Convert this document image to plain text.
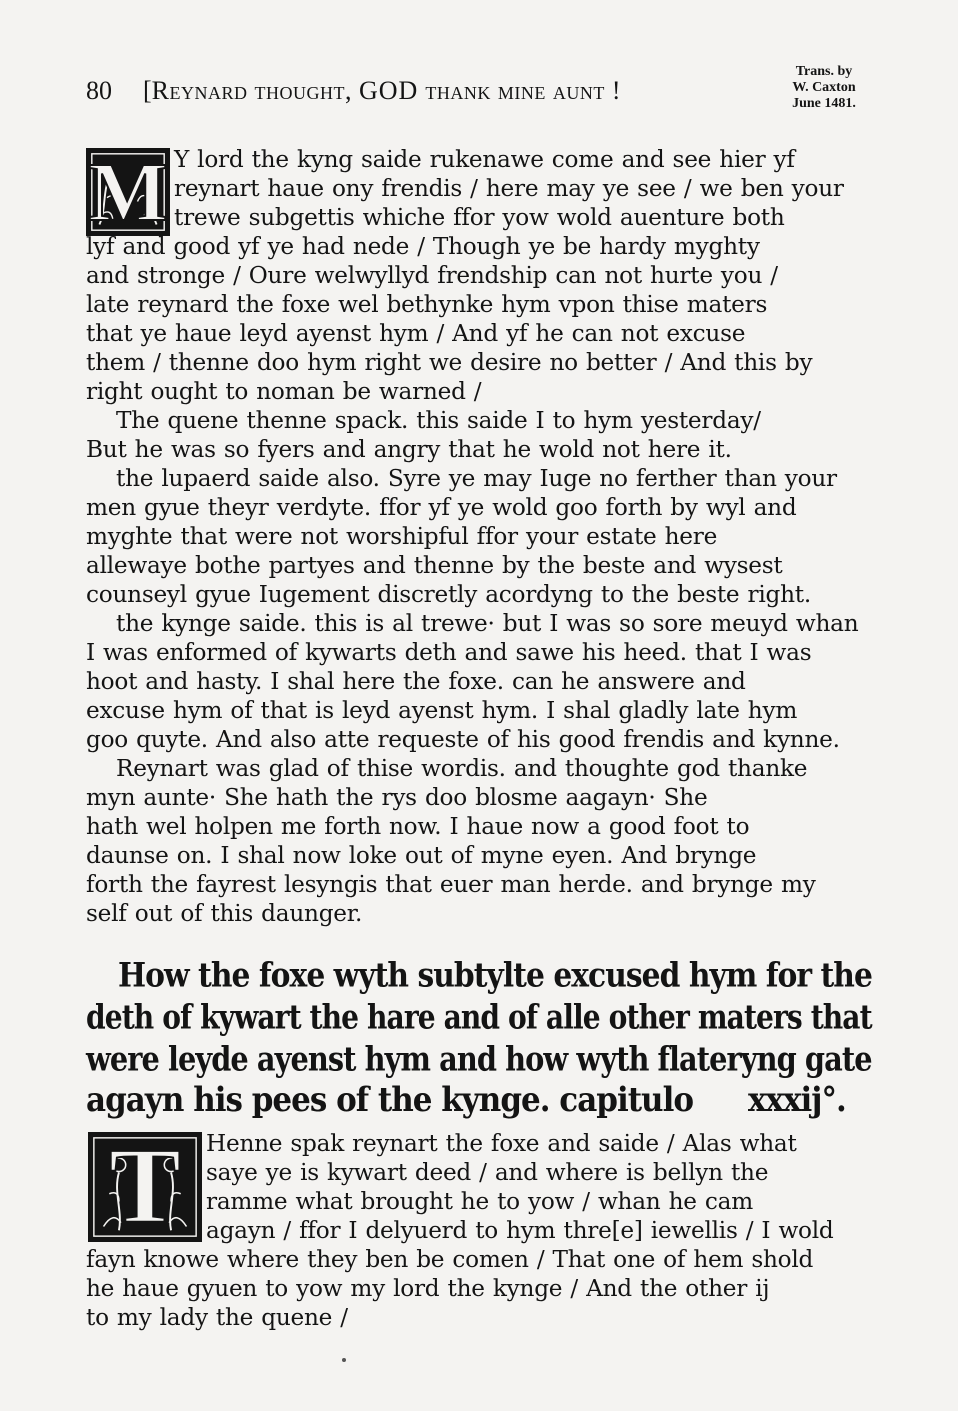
80 [Reynard thought, GOD thank mine aunt !
Trans. by
W. Caxton
June 1481.
M Y lord the kyng saide rukenawe come and see hier yf
reynart haue ony frendis / here may ye see / we ben your
trewe subgettis whiche ffor yow wold auenture both
lyf and good yf ye had nede / Though ye be hardy myghty
and stronge / Oure welwyllyd frendship can not hurte you /
late reynard the foxe wel bethynke hym vpon thise maters
that ye haue leyd ayenst hym / And yf he can not excuse
them / thenne doo hym right we desire no better / And this by
right ought to noman be warned /
The quene thenne spack. this saide I to hym yesterday/
But he was so fyers and angry that he wold not here it.
the lupaerd saide also. Syre ye may Iuge no ferther than your
men gyue theyr verdyte. ffor yf ye wold goo forth by wyl and
myghte that were not worshipful ffor your estate here
allewaye bothe partyes and thenne by the beste and wysest
counseyl gyue Iugement discretly acordyng to the beste right.
the kynge saide. this is al trewe· but I was so sore meuyd whan
I was enformed of kywarts deth and sawe his heed. that I was
hoot and hasty. I shal here the foxe. can he answere and
excuse hym of that is leyd ayenst hym. I shal gladly late hym
goo quyte. And also atte requeste of his good frendis and kynne.
Reynart was glad of thise wordis. and thoughte god thanke
myn aunte· She hath the rys doo blosme aagayn· She
hath wel holpen me forth now. I haue now a good foot to
daunse on. I shal now loke out of myne eyen. And brynge
forth the fayrest lesyngis that euer man herde. and brynge my
self out of this daunger.
How the foxe wyth subtylte excused hym for the
deth of kywart the hare and of alle other maters that
were leyde ayenst hym and how wyth flateryng gate
agayn his pees of the kynge. capitulo xxxij°.
T	Henne spak reynart the foxe and saide / Alas what
saye ye is kywart deed / and where is bellyn the
ramme what brought he to yow / whan he cam
agayn / ffor I delyuerd to hym thre[e] iewellis / I wold
fayn knowe where they ben be comen / That one of hem shold
he haue gyuen to yow my lord the kynge / And the other ij
to my lady the quene /
